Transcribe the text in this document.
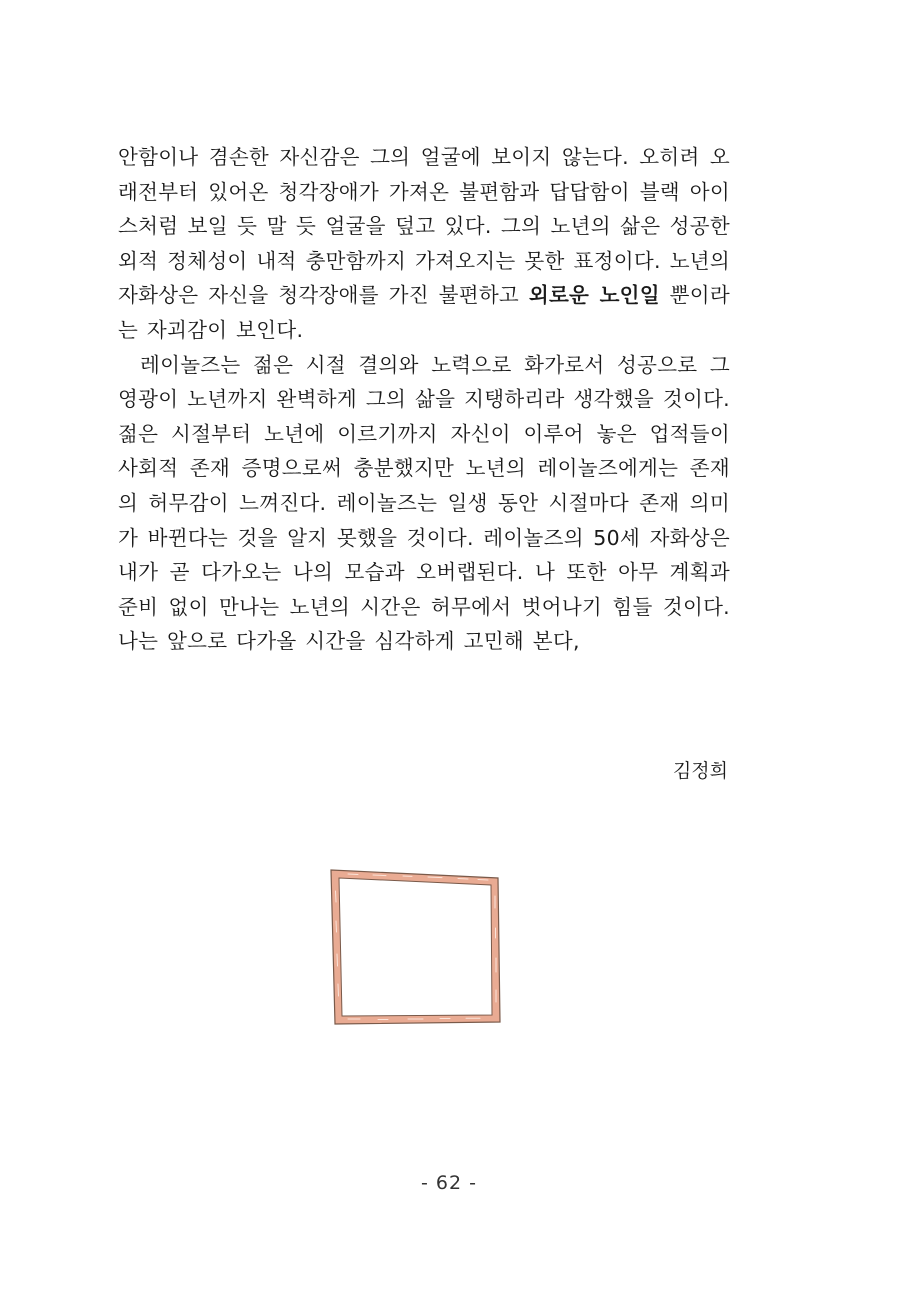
안함이나 겸손한 자신감은 그의 얼굴에 보이지 않는다. 오히려 오래전부터 있어온 청각장애가 가져온 불편함과 답답함이 블랙 아이스처럼 보일 듯 말 듯 얼굴을 덮고 있다. 그의 노년의 삶은 성공한 외적 정체성이 내적 충만함까지 가져오지는 못한 표정이다. 노년의 자화상은 자신을 청각장애를 가진 불편하고 외로운 노인일 뿐이라는 자괴감이 보인다.

레이놀즈는 젊은 시절 결의와 노력으로 화가로서 성공으로 그 영광이 노년까지 완벽하게 그의 삶을 지탱하리라 생각했을 것이다. 젊은 시절부터 노년에 이르기까지 자신이 이루어 놓은 업적들이 사회적 존재 증명으로써 충분했지만 노년의 레이놀즈에게는 존재의 허무감이 느껴진다. 레이놀즈는 일생 동안 시절마다 존재 의미가 바뀐다는 것을 알지 못했을 것이다. 레이놀즈의 50세 자화상은 내가 곧 다가오는 나의 모습과 오버랩된다. 나 또한 아무 계획과 준비 없이 만나는 노년의 시간은 허무에서 벗어나기 힘들 것이다. 나는 앞으로 다가올 시간을 심각하게 고민해 본다,

김정희
- 62 -
